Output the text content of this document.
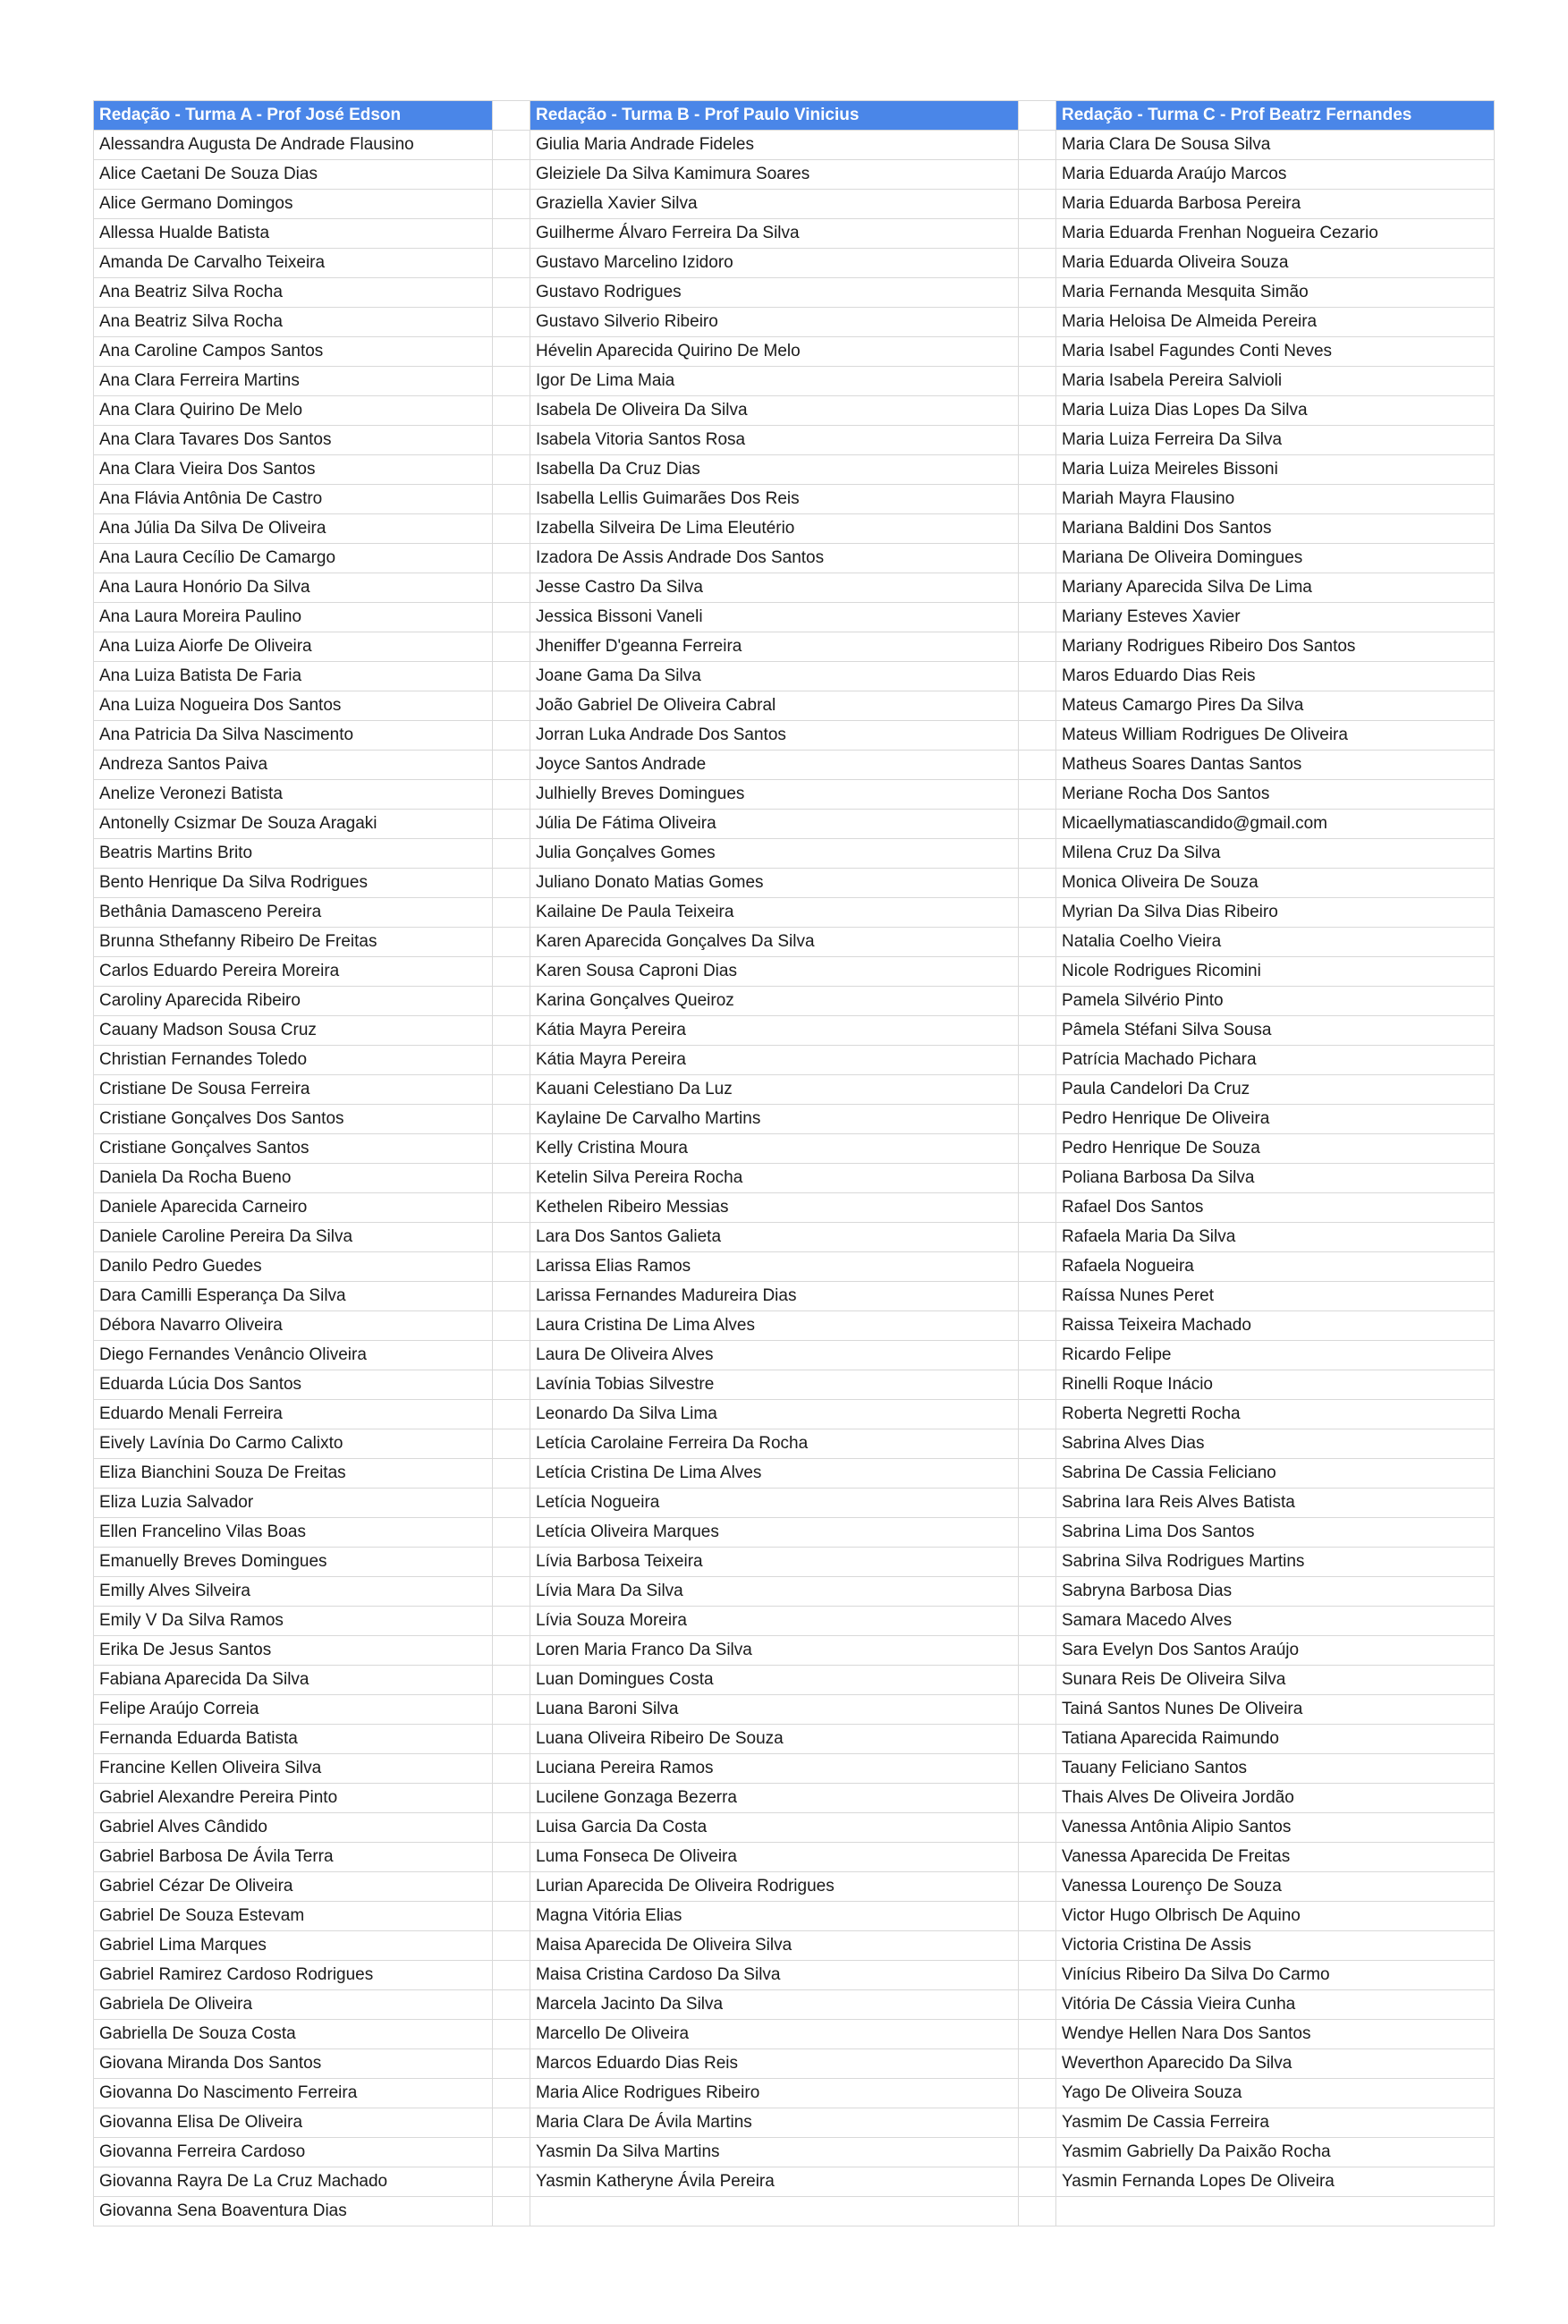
Redação - Turma A - Prof José Edson		Redação - Turma B - Prof Paulo Vinicius		Redação - Turma C - Prof Beatrz Fernandes
Alessandra Augusta De Andrade Flausino		Giulia Maria Andrade Fideles		Maria Clara De Sousa Silva
Alice Caetani De Souza Dias		Gleiziele Da Silva Kamimura Soares		Maria Eduarda Araújo Marcos
Alice Germano Domingos		Graziella Xavier Silva		Maria Eduarda Barbosa Pereira
Allessa Hualde Batista		Guilherme Álvaro Ferreira Da Silva		Maria Eduarda Frenhan Nogueira Cezario
Amanda De Carvalho Teixeira		Gustavo Marcelino Izidoro		Maria Eduarda Oliveira Souza
Ana Beatriz Silva Rocha		Gustavo Rodrigues		Maria Fernanda Mesquita Simão
Ana Beatriz Silva Rocha		Gustavo Silverio Ribeiro		Maria Heloisa De Almeida Pereira
Ana Caroline Campos Santos		Hévelin Aparecida Quirino De Melo		Maria Isabel Fagundes Conti Neves
Ana Clara Ferreira Martins		Igor De Lima Maia		Maria Isabela Pereira Salvioli
Ana Clara Quirino De Melo		Isabela De Oliveira Da Silva		Maria Luiza Dias Lopes Da Silva
Ana Clara Tavares Dos Santos		Isabela Vitoria Santos Rosa		Maria Luiza Ferreira Da Silva
Ana Clara Vieira Dos Santos		Isabella Da Cruz Dias		Maria Luiza Meireles Bissoni
Ana Flávia Antônia De Castro		Isabella Lellis Guimarães Dos Reis		Mariah Mayra Flausino
Ana Júlia Da Silva De Oliveira		Izabella Silveira De Lima Eleutério		Mariana Baldini Dos Santos
Ana Laura Cecílio De Camargo		Izadora De Assis Andrade Dos Santos		Mariana De Oliveira Domingues
Ana Laura Honório Da Silva		Jesse Castro Da Silva		Mariany Aparecida Silva De Lima
Ana Laura Moreira Paulino		Jessica Bissoni Vaneli		Mariany Esteves Xavier
Ana Luiza Aiorfe De Oliveira		Jheniffer D'geanna Ferreira		Mariany Rodrigues Ribeiro Dos Santos
Ana Luiza Batista De Faria		Joane Gama Da Silva		Maros Eduardo Dias Reis
Ana Luiza Nogueira Dos Santos		João Gabriel De Oliveira Cabral		Mateus Camargo Pires Da Silva
Ana Patricia Da Silva Nascimento		Jorran Luka Andrade Dos Santos		Mateus William Rodrigues De Oliveira
Andreza Santos Paiva		Joyce Santos Andrade		Matheus Soares Dantas Santos
Anelize Veronezi Batista		Julhielly Breves Domingues		Meriane Rocha Dos Santos
Antonelly Csizmar De Souza Aragaki		Júlia De Fátima Oliveira		Micaellymatiascandido@gmail.com
Beatris Martins Brito		Julia Gonçalves Gomes		Milena Cruz Da Silva
Bento Henrique Da Silva Rodrigues		Juliano Donato Matias Gomes		Monica Oliveira De Souza
Bethânia Damasceno Pereira		Kailaine De Paula Teixeira		Myrian Da Silva Dias Ribeiro
Brunna Sthefanny Ribeiro De Freitas		Karen Aparecida Gonçalves Da Silva		Natalia Coelho Vieira
Carlos Eduardo Pereira Moreira		Karen Sousa Caproni Dias		Nicole Rodrigues Ricomini
Caroliny Aparecida Ribeiro		Karina Gonçalves Queiroz		Pamela Silvério Pinto
Cauany Madson Sousa Cruz		Kátia Mayra Pereira		Pâmela Stéfani Silva Sousa
Christian Fernandes Toledo		Kátia Mayra Pereira		Patrícia Machado Pichara
Cristiane De Sousa Ferreira		Kauani Celestiano Da Luz		Paula Candelori Da Cruz
Cristiane Gonçalves Dos Santos		Kaylaine De Carvalho Martins		Pedro Henrique De Oliveira
Cristiane Gonçalves Santos		Kelly Cristina Moura		Pedro Henrique De Souza
Daniela Da Rocha Bueno		Ketelin Silva Pereira Rocha		Poliana Barbosa Da Silva
Daniele Aparecida Carneiro		Kethelen Ribeiro Messias		Rafael Dos Santos
Daniele Caroline Pereira Da Silva		Lara Dos Santos Galieta		Rafaela Maria Da Silva
Danilo Pedro Guedes		Larissa Elias Ramos		Rafaela Nogueira
Dara Camilli Esperança Da Silva		Larissa Fernandes Madureira Dias		Raíssa Nunes Peret
Débora Navarro Oliveira		Laura Cristina De Lima Alves		Raissa Teixeira Machado
Diego Fernandes Venâncio Oliveira		Laura De Oliveira Alves		Ricardo Felipe
Eduarda Lúcia Dos Santos		Lavínia Tobias Silvestre		Rinelli Roque Inácio
Eduardo Menali Ferreira		Leonardo Da Silva Lima		Roberta Negretti Rocha
Eively Lavínia Do Carmo Calixto		Letícia Carolaine Ferreira Da Rocha		Sabrina Alves Dias
Eliza Bianchini Souza De Freitas		Letícia Cristina De Lima Alves		Sabrina De Cassia Feliciano
Eliza Luzia Salvador		Letícia Nogueira		Sabrina Iara Reis Alves Batista
Ellen Francelino Vilas Boas		Letícia Oliveira Marques		Sabrina Lima Dos Santos
Emanuelly Breves Domingues		Lívia Barbosa Teixeira		Sabrina Silva Rodrigues Martins
Emilly Alves Silveira		Lívia Mara Da Silva		Sabryna Barbosa Dias
Emily V Da Silva Ramos		Lívia Souza Moreira		Samara Macedo Alves
Erika De Jesus Santos		Loren Maria Franco Da Silva		Sara Evelyn Dos Santos Araújo
Fabiana Aparecida Da Silva		Luan Domingues Costa		Sunara Reis De Oliveira Silva
Felipe Araújo Correia		Luana Baroni Silva		Tainá Santos Nunes De Oliveira
Fernanda Eduarda Batista		Luana Oliveira Ribeiro De Souza		Tatiana Aparecida Raimundo
Francine Kellen Oliveira Silva		Luciana Pereira Ramos		Tauany Feliciano Santos
Gabriel Alexandre Pereira Pinto		Lucilene Gonzaga Bezerra		Thais Alves De Oliveira Jordão
Gabriel Alves Cândido		Luisa Garcia Da Costa		Vanessa Antônia Alipio Santos
Gabriel Barbosa De Ávila Terra		Luma Fonseca De Oliveira		Vanessa Aparecida De Freitas
Gabriel Cézar De Oliveira		Lurian Aparecida De Oliveira Rodrigues		Vanessa Lourenço De Souza
Gabriel De Souza Estevam		Magna Vitória Elias		Victor Hugo Olbrisch De Aquino
Gabriel Lima Marques		Maisa Aparecida De Oliveira Silva		Victoria Cristina De Assis
Gabriel Ramirez Cardoso Rodrigues		Maisa Cristina Cardoso Da Silva		Vinícius Ribeiro Da Silva Do Carmo
Gabriela De Oliveira		Marcela Jacinto Da Silva		Vitória De Cássia Vieira Cunha
Gabriella De Souza Costa		Marcello De Oliveira		Wendye Hellen Nara Dos Santos
Giovana Miranda Dos Santos		Marcos Eduardo Dias Reis		Weverthon Aparecido Da Silva
Giovanna Do Nascimento Ferreira		Maria Alice Rodrigues Ribeiro		Yago De Oliveira Souza
Giovanna Elisa De Oliveira		Maria Clara De Ávila Martins		Yasmim De Cassia Ferreira
Giovanna Ferreira Cardoso		Yasmin Da Silva Martins		Yasmim Gabrielly Da Paixão Rocha
Giovanna Rayra De La Cruz Machado		Yasmin Katheryne Ávila Pereira		Yasmin Fernanda Lopes De Oliveira
Giovanna Sena Boaventura Dias				
